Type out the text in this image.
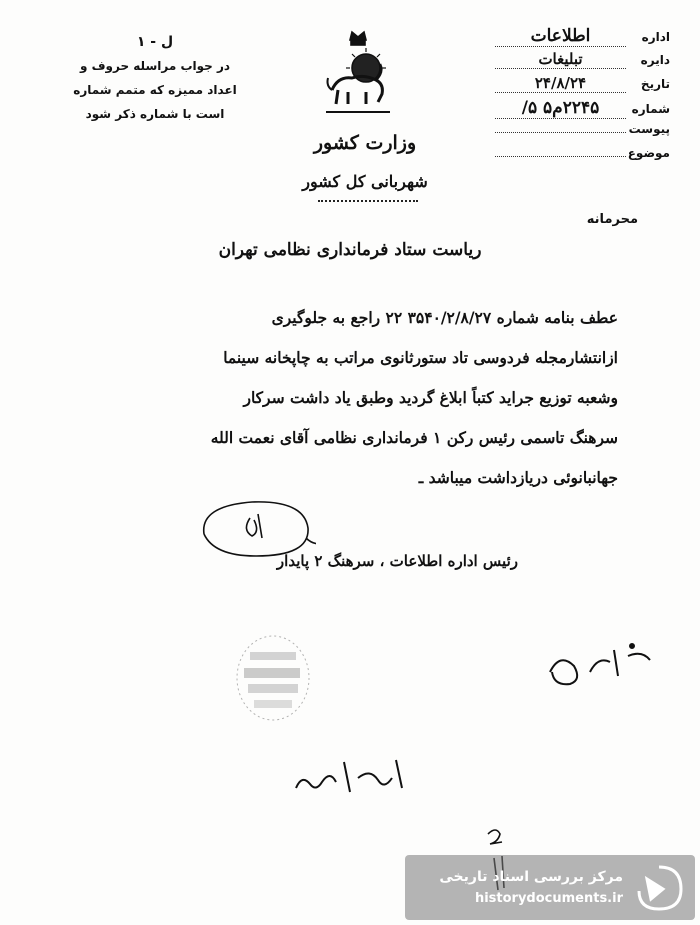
ل - ۱
در جواب مراسله حروف و
اعداد ممیزه که متمم شماره
است با شماره ذکر شود
وزارت کشور
شهربانی کل کشور
اداره
اطلاعات
دایره
تبلیغات
تاریخ
۲۴/۸/۲۴
شماره
۲۲۴۵م۵ ۵/
پیوست
موضوع
محرمانه
ریاست ستاد فرمانداری نظامی تهران

عطف بنامه شماره ۳۵۴۰/۲/۸/۲۷ ۲۲ راجع به جلوگیری

ازانتشارمجله فردوسی تاد ستورثانوی مراتب به چاپخانه سینما

وشعبه توزیع جراید کتباً ابلاغ گردید وطبق یاد داشت سرکار

سرهنگ تاسمی رئیس رکن ۱ فرمانداری نظامی آقای نعمت الله

جهانبانوئی دریازداشت میباشد ـ

رئیس اداره اطلاعات ، سرهنگ ۲ پایدار
مرکز بررسی اسناد تاریخی
historydocuments.ir
